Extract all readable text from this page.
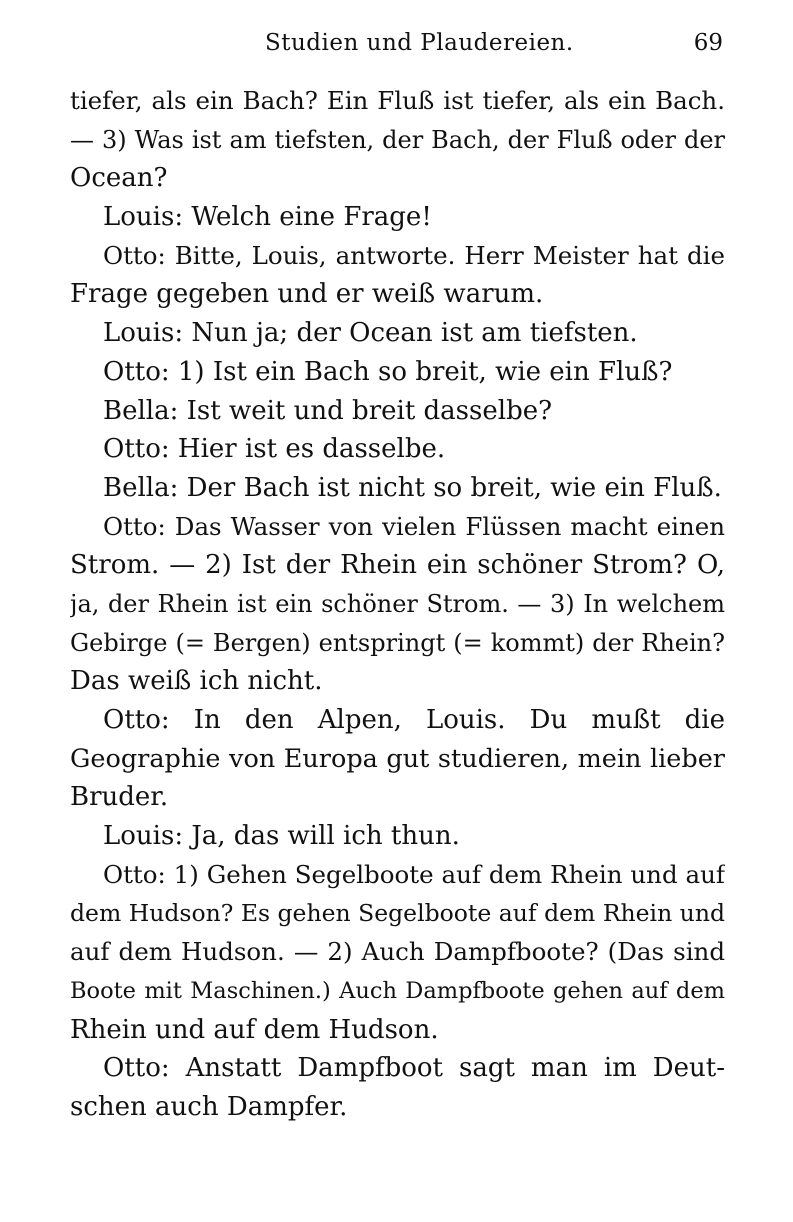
Studien und Plaudereien.	69
tiefer, als ein Bach? Ein Fluß ist tiefer, als ein Bach.
— 3) Was ist am tiefsten, der Bach, der Fluß oder der
Ocean?
Louis: Welch eine Frage!
Otto: Bitte, Louis, antworte. Herr Meister hat die
Frage gegeben und er weiß warum.
Louis: Nun ja; der Ocean ist am tiefsten.
Otto: 1) Ist ein Bach so breit, wie ein Fluß?
Bella: Ist weit und breit dasselbe?
Otto: Hier ist es dasselbe.
Bella: Der Bach ist nicht so breit, wie ein Fluß.
Otto: Das Wasser von vielen Flüssen macht einen
Strom. — 2) Ist der Rhein ein schöner Strom? O,
ja, der Rhein ist ein schöner Strom. — 3) In welchem
Gebirge (= Bergen) entspringt (= kommt) der Rhein?
Das weiß ich nicht.
Otto: In den Alpen, Louis. Du mußt die
Geographie von Europa gut studieren, mein lieber
Bruder.
Louis: Ja, das will ich thun.
Otto: 1) Gehen Segelboote auf dem Rhein und auf
dem Hudson? Es gehen Segelboote auf dem Rhein und
auf dem Hudson. — 2) Auch Dampfboote? (Das sind
Boote mit Maschinen.) Auch Dampfboote gehen auf dem
Rhein und auf dem Hudson.
Otto: Anstatt Dampfboot sagt man im Deut-
schen auch Dampfer.
